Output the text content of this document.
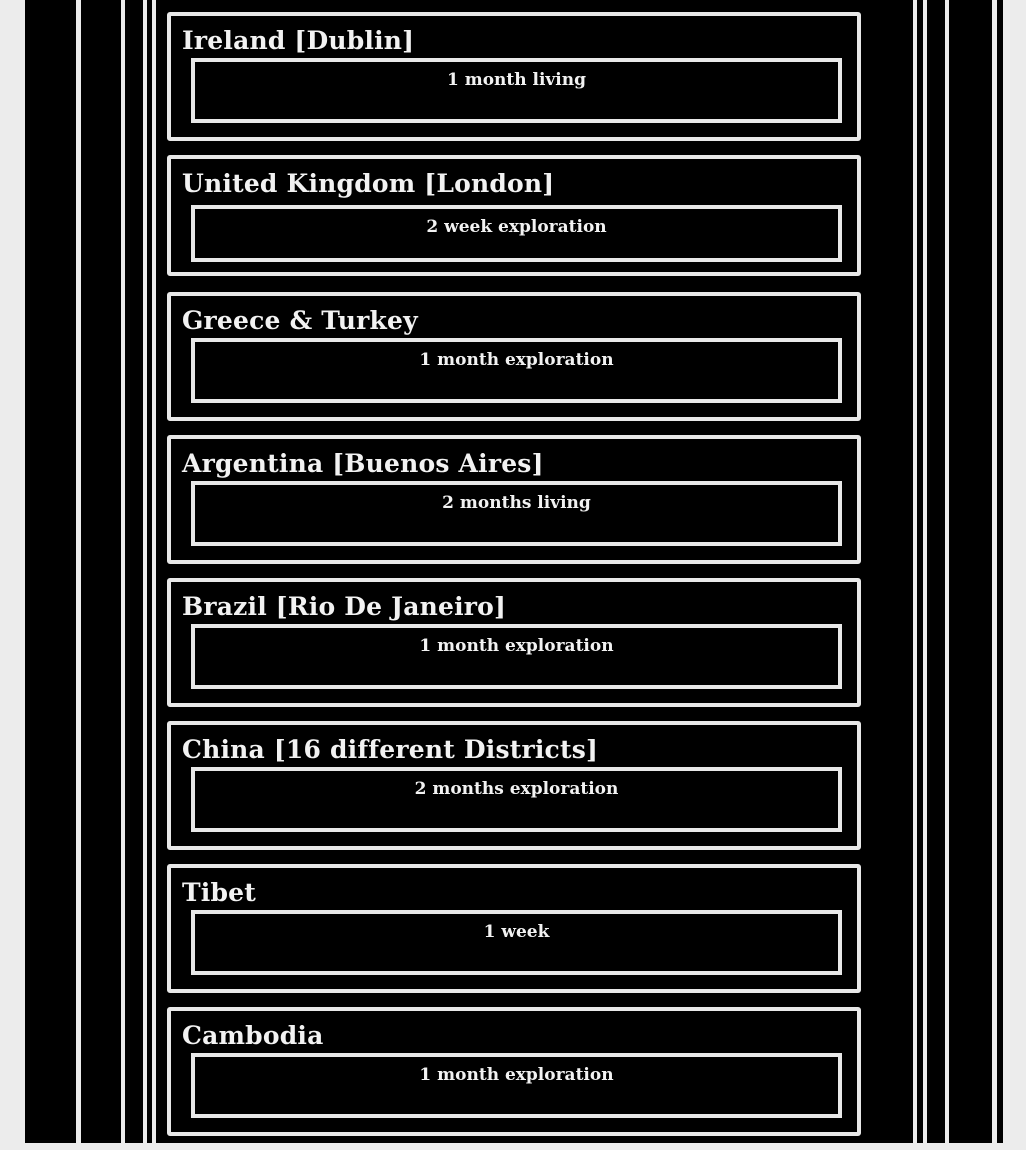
Ireland [Dublin]
1 month living
United Kingdom [London]
2 week exploration
Greece & Turkey
1 month exploration
Argentina [Buenos Aires]
2 months living
Brazil [Rio De Janeiro]
1 month exploration
China [16 different Districts]
2 months exploration
Tibet
1 week
Cambodia
1 month exploration
